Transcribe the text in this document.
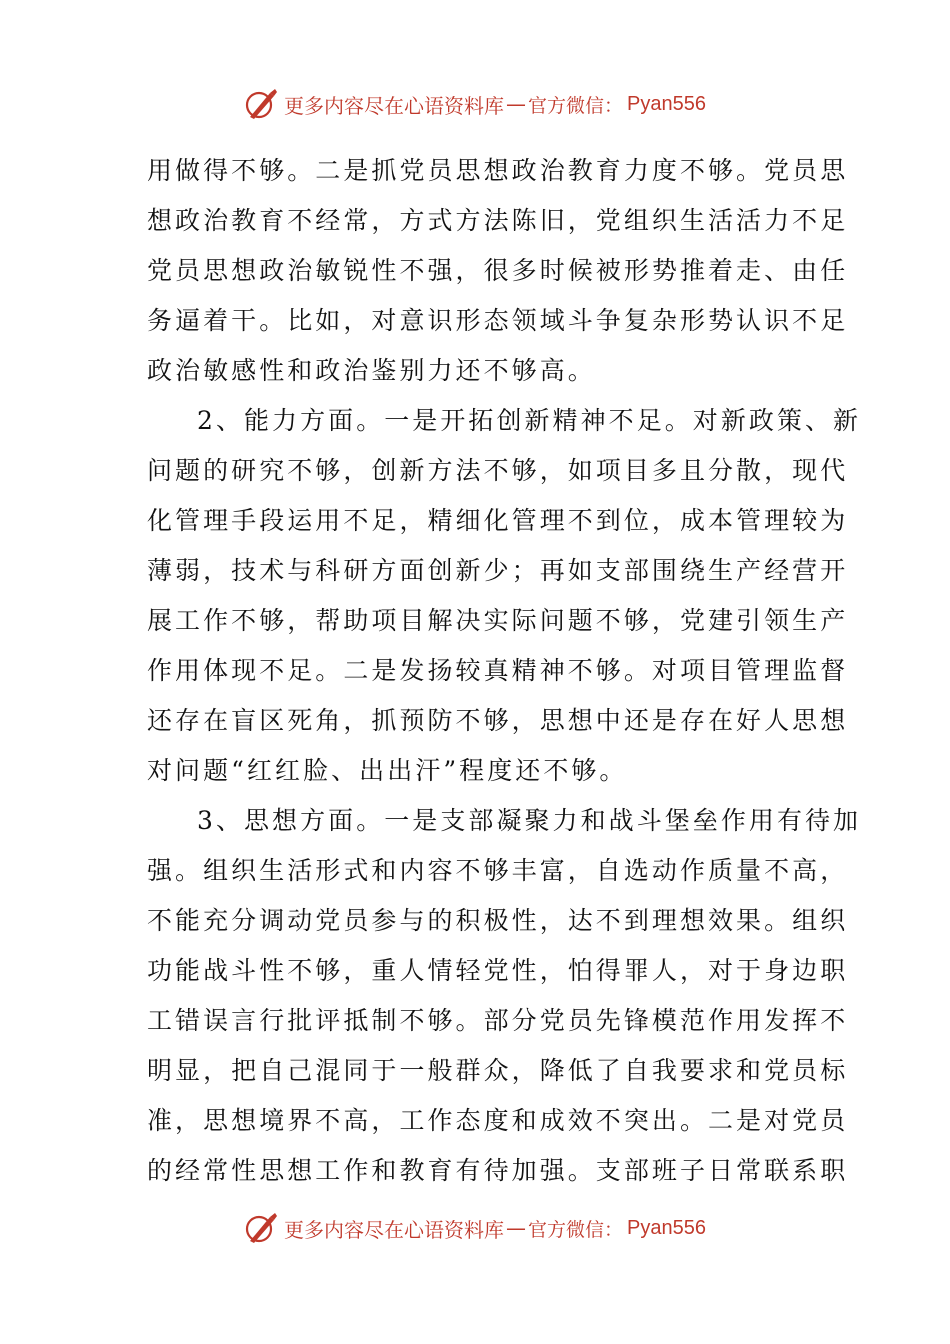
更多内容尽在心语资料库 — 官方微信： Pyan556
用做得不够。二是抓党员思想政治教育力度不够。党员思
想政治教育不经常，方式方法陈旧，党组织生活活力不足
党员思想政治敏锐性不强，很多时候被形势推着走、由任
务逼着干。比如，对意识形态领域斗争复杂形势认识不足
政治敏感性和政治鉴别力还不够高。
2、能力方面。一是开拓创新精神不足。对新政策、新
问题的研究不够，创新方法不够，如项目多且分散，现代
化管理手段运用不足，精细化管理不到位，成本管理较为
薄弱，技术与科研方面创新少；再如支部围绕生产经营开
展工作不够，帮助项目解决实际问题不够，党建引领生产
作用体现不足。二是发扬较真精神不够。对项目管理监督
还存在盲区死角，抓预防不够，思想中还是存在好人思想
对问题“红红脸、出出汗”程度还不够。
3、思想方面。一是支部凝聚力和战斗堡垒作用有待加
强。组织生活形式和内容不够丰富，自选动作质量不高，
不能充分调动党员参与的积极性，达不到理想效果。组织
功能战斗性不够，重人情轻党性，怕得罪人，对于身边职
工错误言行批评抵制不够。部分党员先锋模范作用发挥不
明显，把自己混同于一般群众，降低了自我要求和党员标
准，思想境界不高，工作态度和成效不突出。二是对党员
的经常性思想工作和教育有待加强。支部班子日常联系职
更多内容尽在心语资料库 — 官方微信： Pyan556
